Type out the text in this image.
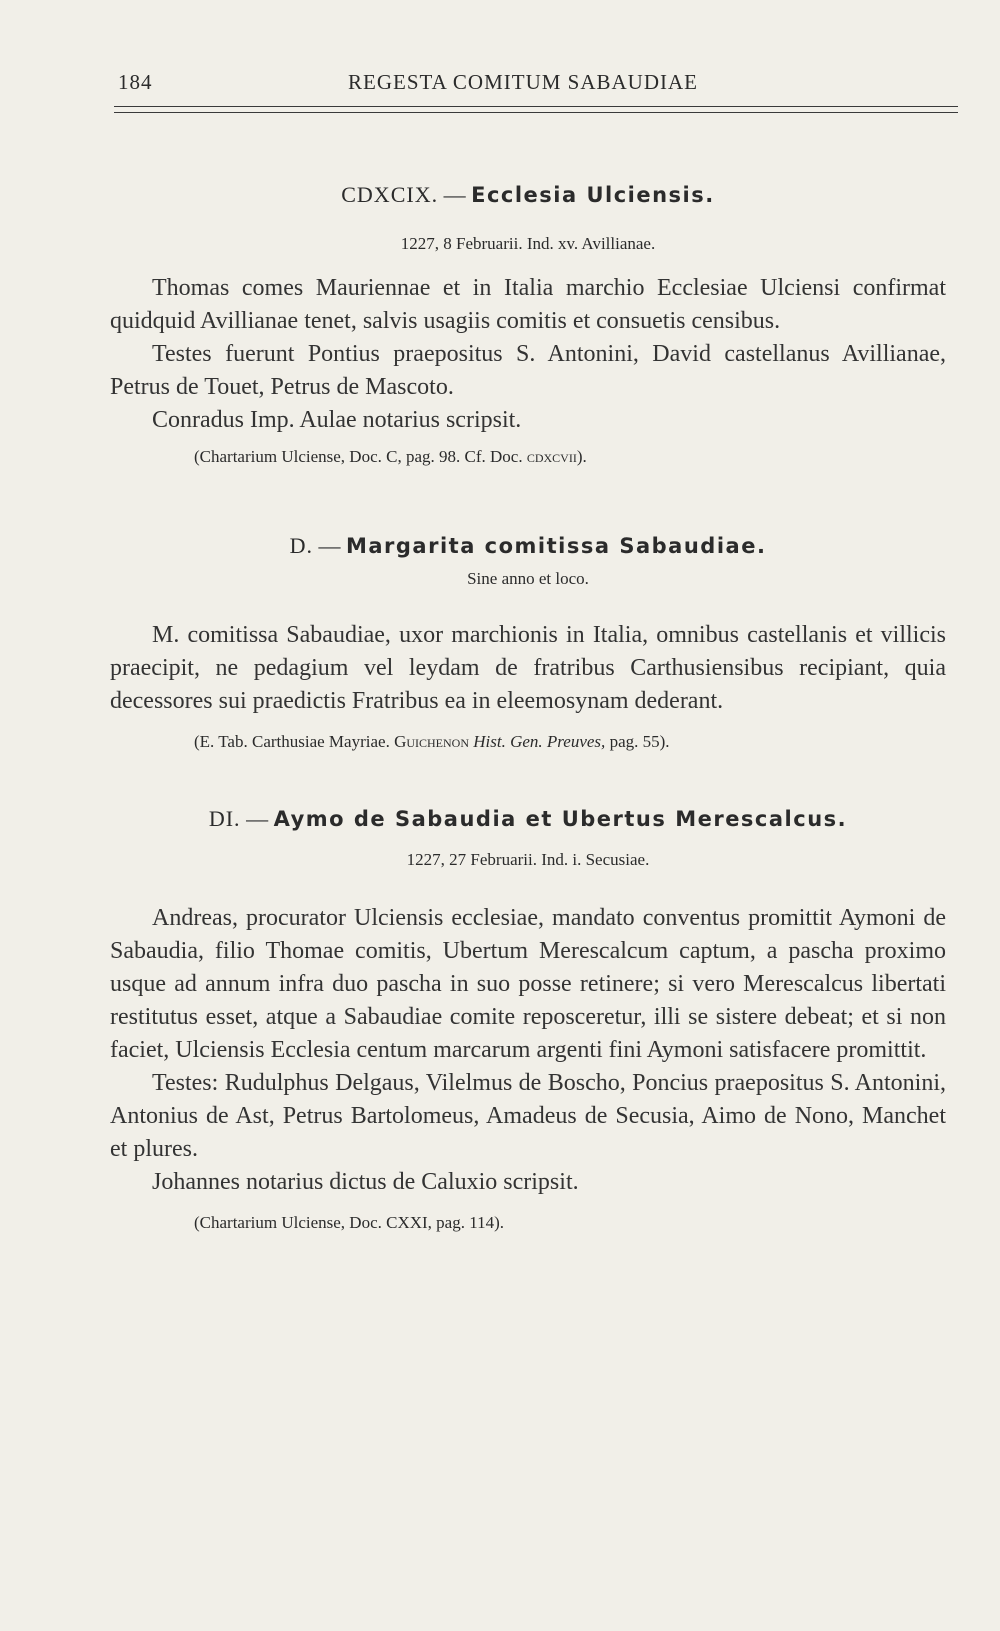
184	REGESTA COMITUM SABAUDIAE

CDXCIX. — Ecclesia Ulciensis.

1227, 8 Februarii. Ind. xv. Avillianae.

Thomas comes Mauriennae et in Italia marchio Ecclesiae Ulciensi confirmat quidquid Avillianae tenet, salvis usagiis comitis et consuetis censibus.

Testes fuerunt Pontius praepositus S. Antonini, David castellanus Avillianae, Petrus de Touet, Petrus de Mascoto.

Conradus Imp. Aulae notarius scripsit.

(Chartarium Ulciense, Doc. C, pag. 98. Cf. Doc. cdxcvii).

D. — Margarita comitissa Sabaudiae.

Sine anno et loco.

M. comitissa Sabaudiae, uxor marchionis in Italia, omnibus castellanis et villicis praecipit, ne pedagium vel leydam de fratribus Carthusiensibus recipiant, quia decessores sui praedictis Fratribus ea in eleemosynam dederant.

(E. Tab. Carthusiae Mayriae. Guichenon Hist. Gen. Preuves, pag. 55).

DI. — Aymo de Sabaudia et Ubertus Merescalcus.

1227, 27 Februarii. Ind. i. Secusiae.

Andreas, procurator Ulciensis ecclesiae, mandato conventus promittit Aymoni de Sabaudia, filio Thomae comitis, Ubertum Merescalcum captum, a pascha proximo usque ad annum infra duo pascha in suo posse retinere; si vero Merescalcus libertati restitutus esset, atque a Sabaudiae comite reposceretur, illi se sistere debeat; et si non faciet, Ulciensis Ecclesia centum marcarum argenti fini Aymoni satisfacere promittit.

Testes: Rudulphus Delgaus, Vilelmus de Boscho, Poncius praepositus S. Antonini, Antonius de Ast, Petrus Bartolomeus, Amadeus de Secusia, Aimo de Nono, Manchet et plures.

Johannes notarius dictus de Caluxio scripsit.

(Chartarium Ulciense, Doc. CXXI, pag. 114).
